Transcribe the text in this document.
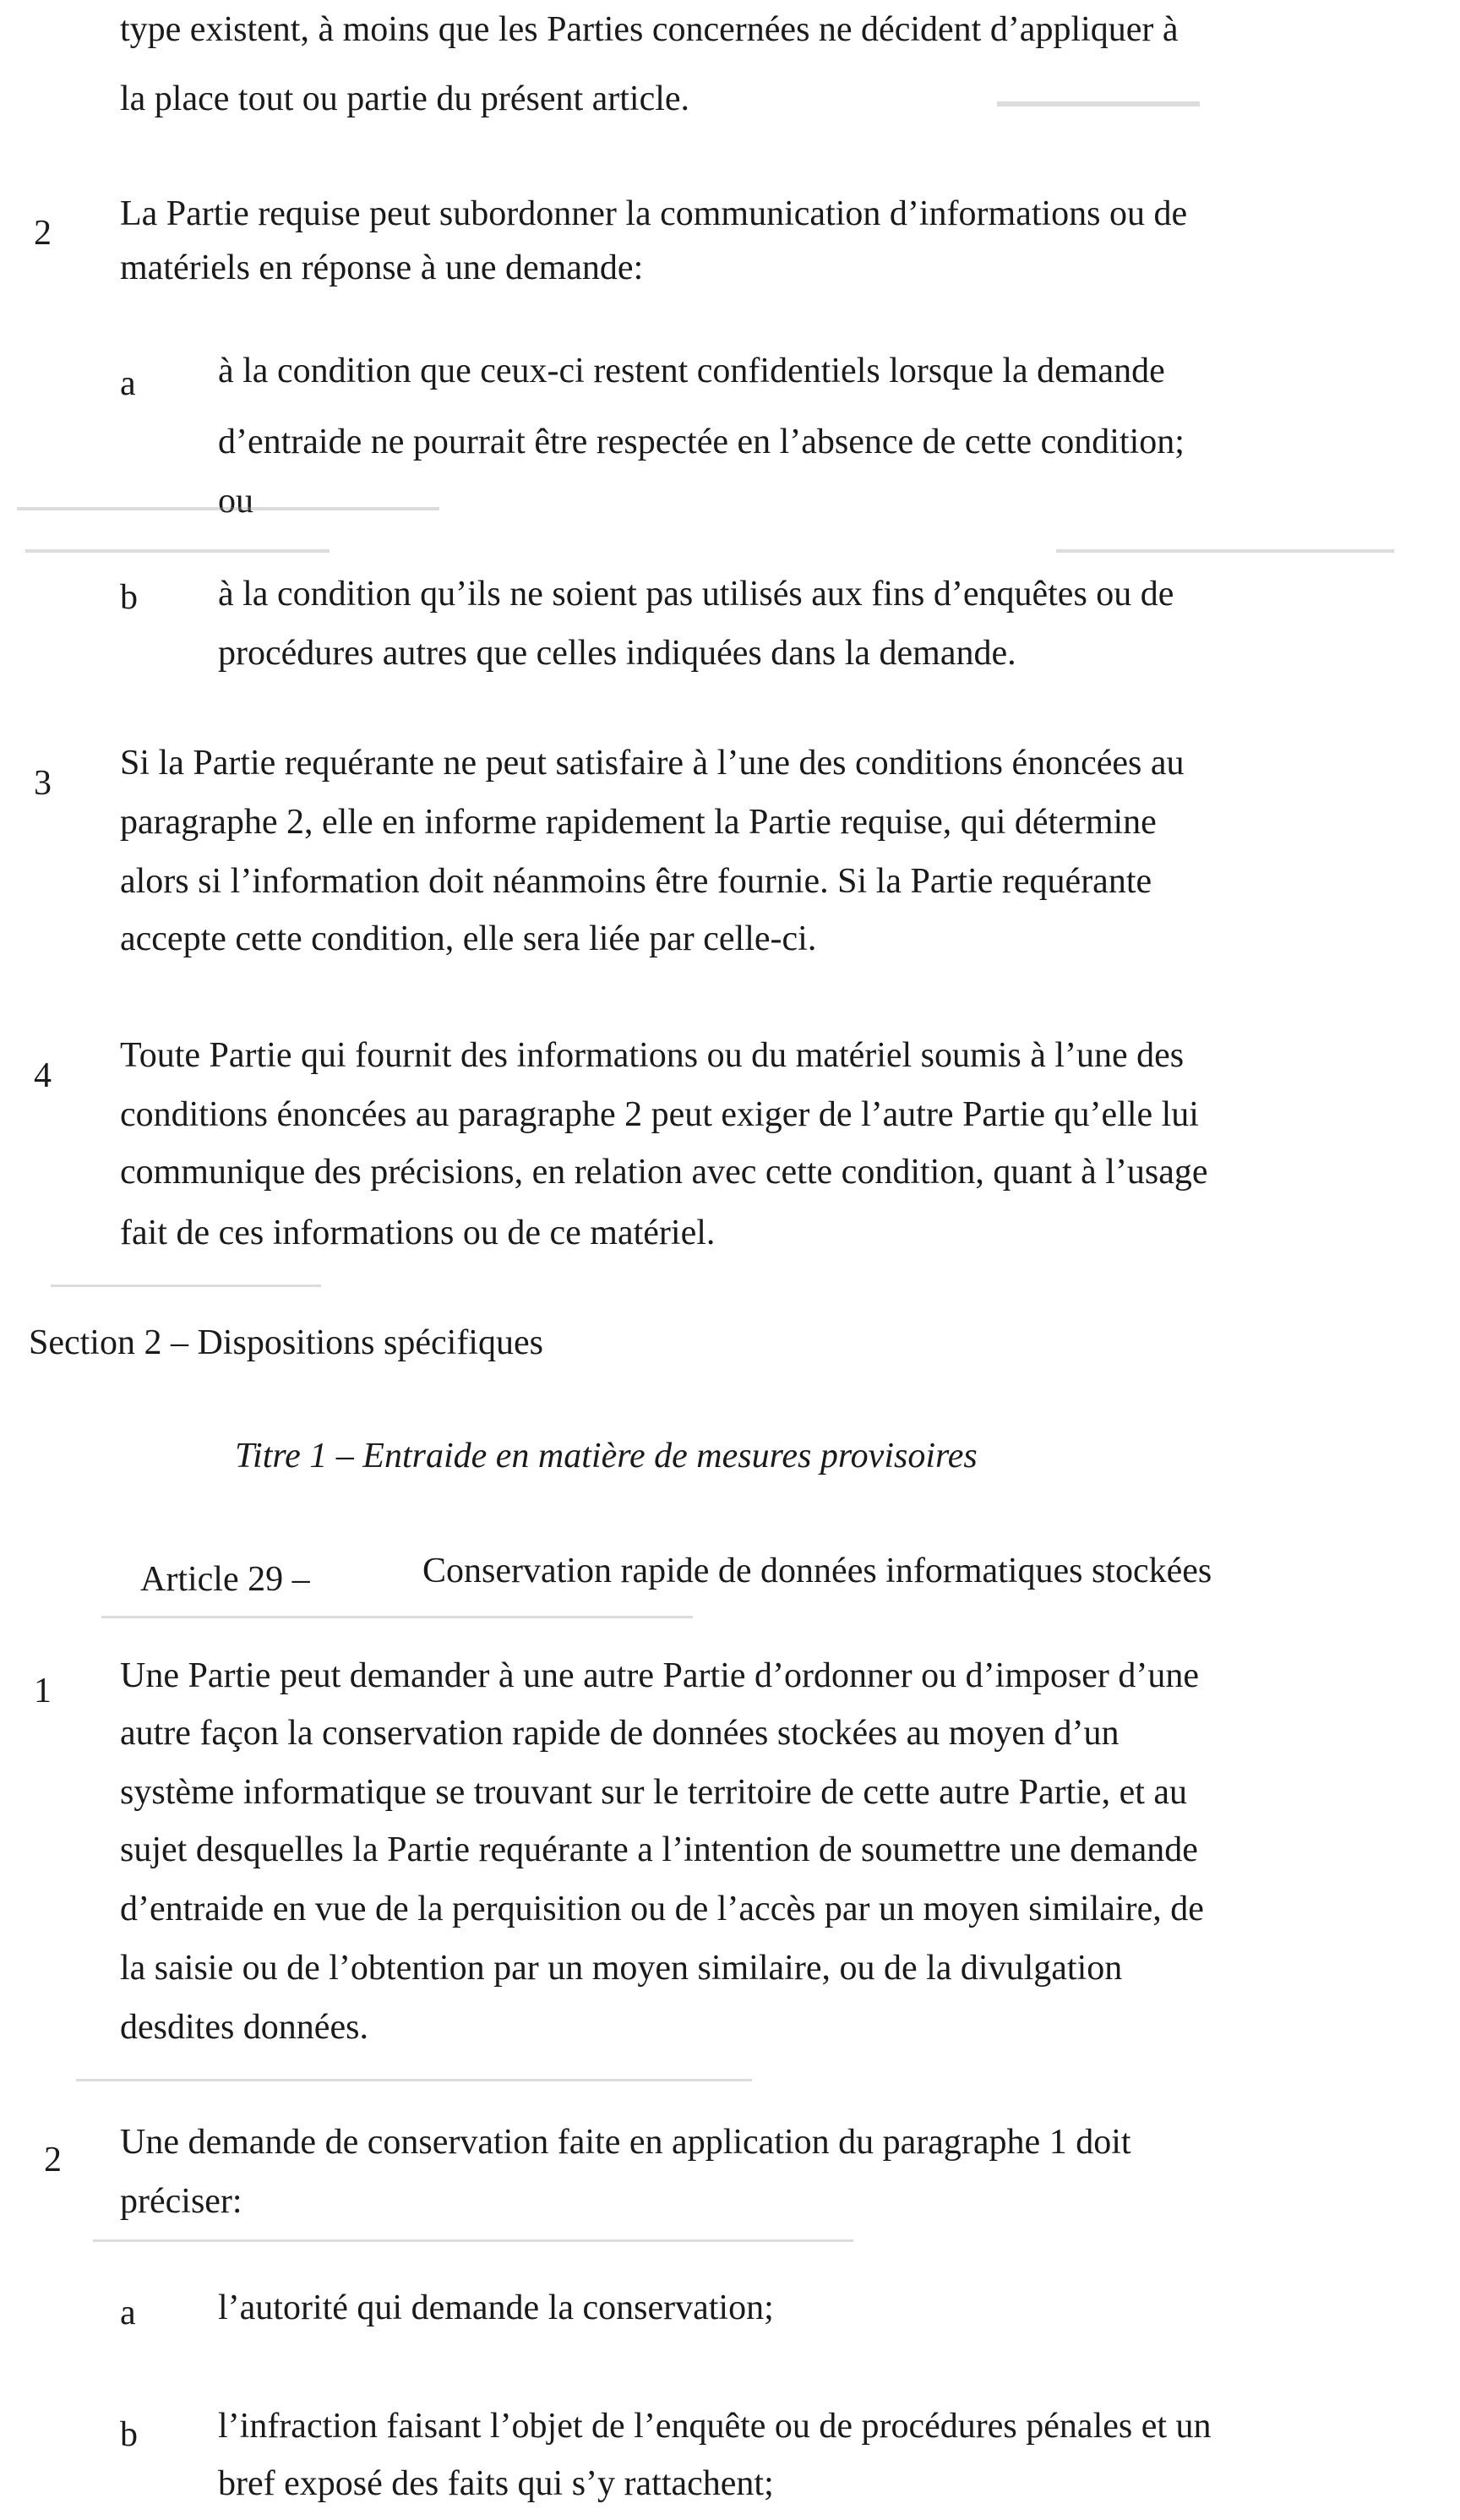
type existent, à moins que les Parties concernées ne décident d’appliquer à
la place tout ou partie du présent article.
2 La Partie requise peut subordonner la communication d’informations ou de
matériels en réponse à une demande:
a à la condition que ceux-ci restent confidentiels lorsque la demande
d’entraide ne pourrait être respectée en l’absence de cette condition;
ou
b à la condition qu’ils ne soient pas utilisés aux fins d’enquêtes ou de
procédures autres que celles indiquées dans la demande.
3
Si la Partie requérante ne peut satisfaire à l’une des conditions énoncées au
paragraphe 2, elle en informe rapidement la Partie requise, qui détermine
alors si l’information doit néanmoins être fournie. Si la Partie requérante
accepte cette condition, elle sera liée par celle-ci.
4
Toute Partie qui fournit des informations ou du matériel soumis à l’une des
conditions énoncées au paragraphe 2 peut exiger de l’autre Partie qu’elle lui
communique des précisions, en relation avec cette condition, quant à l’usage
fait de ces informations ou de ce matériel.
Section 2 – Dispositions spécifiques
Titre 1 – Entraide en matière de mesures provisoires
Article 29 –	Conservation rapide de données informatiques stockées
1 Une Partie peut demander à une autre Partie d’ordonner ou d’imposer d’une
autre façon la conservation rapide de données stockées au moyen d’un
système informatique se trouvant sur le territoire de cette autre Partie, et au
sujet desquelles la Partie requérante a l’intention de soumettre une demande
d’entraide en vue de la perquisition ou de l’accès par un moyen similaire, de
la saisie ou de l’obtention par un moyen similaire, ou de la divulgation
desdites données.
2 Une demande de conservation faite en application du paragraphe 1 doit
préciser:
a l’autorité qui demande la conservation;
b l’infraction faisant l’objet de l’enquête ou de procédures pénales et un
bref exposé des faits qui s’y rattachent;
